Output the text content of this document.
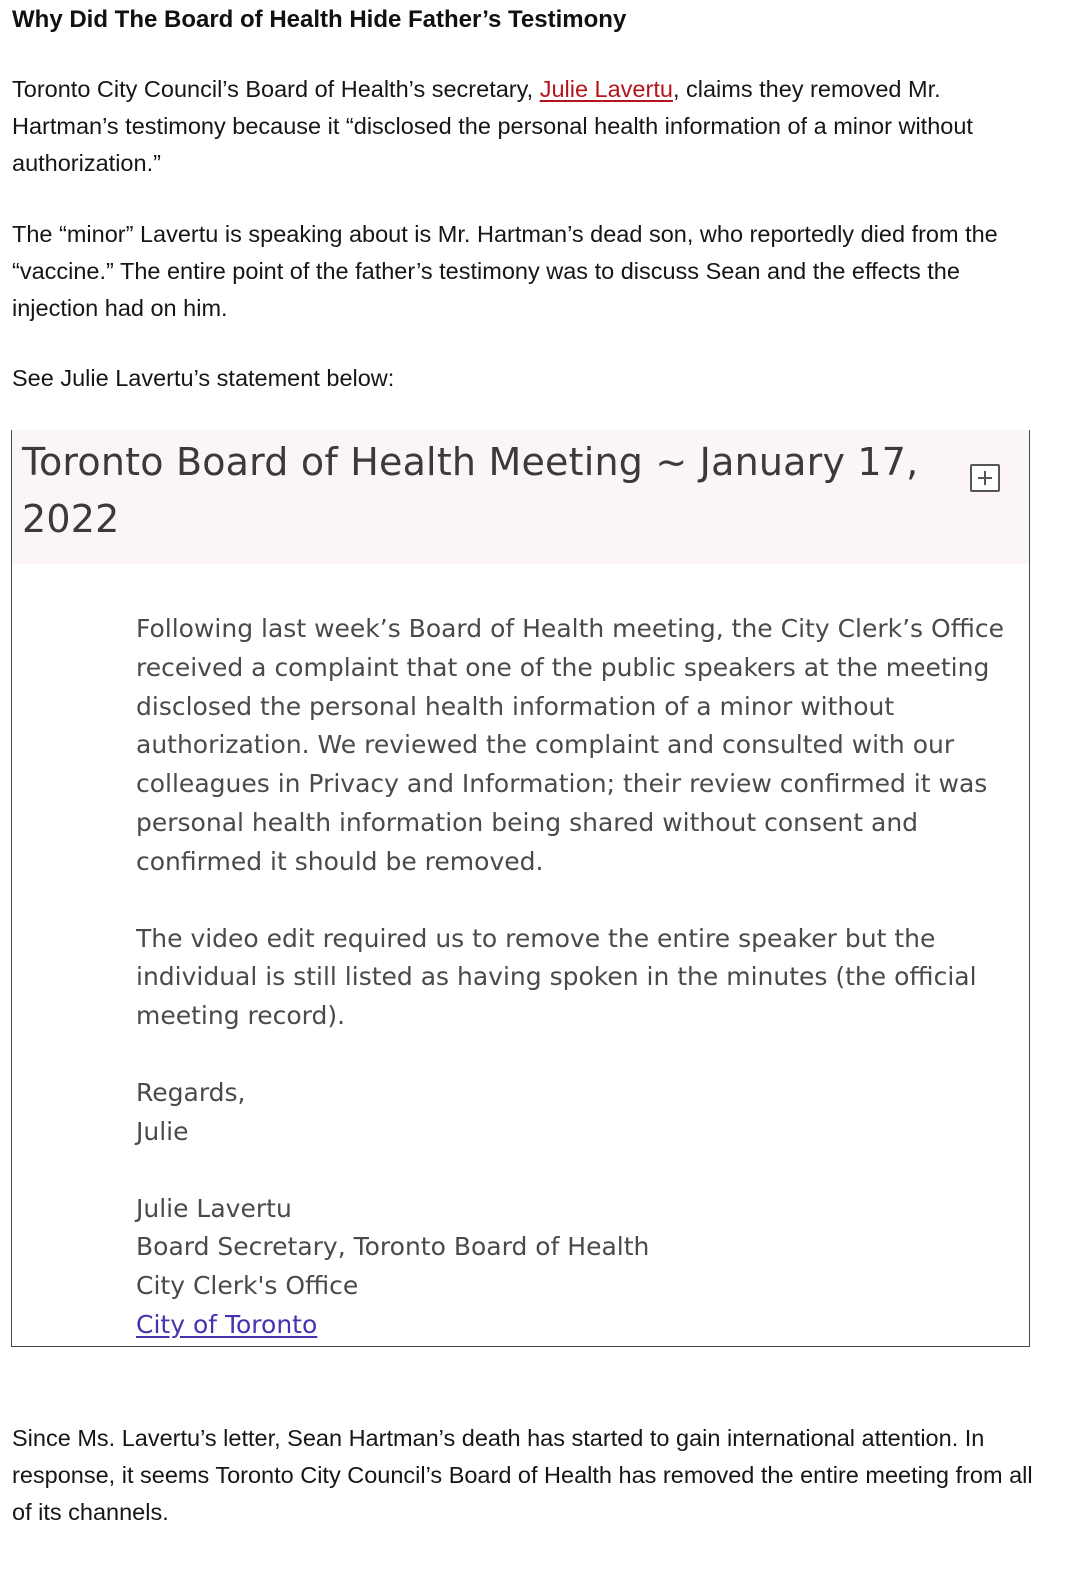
Why Did The Board of Health Hide Father’s Testimony

Toronto City Council’s Board of Health’s secretary, Julie Lavertu, claims they removed Mr. Hartman’s testimony because it “disclosed the personal health information of a minor without authorization.”

The “minor” Lavertu is speaking about is Mr. Hartman’s dead son, who reportedly died from the “vaccine.” The entire point of the father’s testimony was to discuss Sean and the effects the injection had on him.

See Julie Lavertu’s statement below:

Since Ms. Lavertu’s letter, Sean Hartman’s death has started to gain international attention. In response, it seems Toronto City Council’s Board of Health has removed the entire meeting from all of its channels.

Toronto Board of Health Meeting ~ January 17, 2022

Following last week’s Board of Health meeting, the City Clerk’s Office received a complaint that one of the public speakers at the meeting disclosed the personal health information of a minor without authorization. We reviewed the complaint and consulted with our colleagues in Privacy and Information; their review confirmed it was personal health information being shared without consent and confirmed it should be removed.

The video edit required us to remove the entire speaker but the individual is still listed as having spoken in the minutes (the official meeting record).

Regards,

Julie

Julie Lavertu

Board Secretary, Toronto Board of Health

City Clerk's Office

City of Toronto
